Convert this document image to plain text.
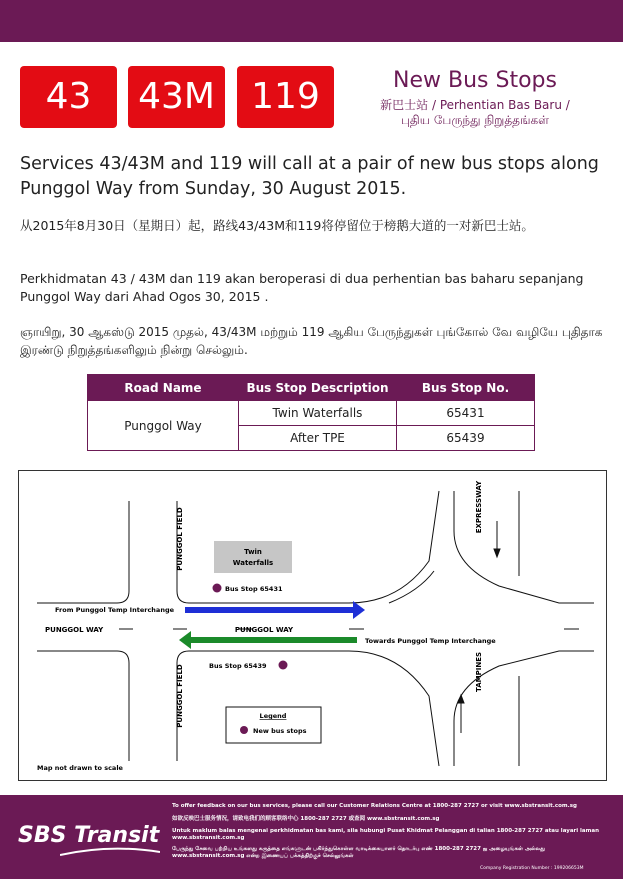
43	43M	119	New Bus Stops
新巴士站 / Perhentian Bas Baru /
புதிய பேருந்து நிறுத்தங்கள்
Services 43/43M and 119 will call at a pair of new bus stops along Punggol Way from Sunday, 30 August 2015.
从2015年8月30日（星期日）起，路线43/43M和119将停留位于榜鹅大道的一对新巴士站。
Perkhidmatan 43 / 43M dan 119 akan beroperasi di dua perhentian bas baharu sepanjang Punggol Way dari Ahad Ogos 30, 2015 .
ஞாயிறு, 30 ஆகஸ்டு 2015 முதல், 43/43M மற்றும் 119 ஆகிய பேருந்துகள் புங்கோல் வே வழியே புதிதாக இரண்டு நிறுத்தங்களிலும் நின்று செல்லும்.
Road Name	Bus Stop Description	Bus Stop No.
Punggol Way	Twin Waterfalls	65431
	After TPE	65439
Twin
Waterfalls
Bus Stop 65431
Bus Stop 65439
PUNGGOL FIELD
PUNGGOL FIELD
EXPRESSWAY
TAMPINES
PUNGGOL WAY	PUNGGOL WAY
From Punggol Temp Interchange
Towards Punggol Temp Interchange
Legend
New bus stops
Map not drawn to scale
SBS Transit
To offer feedback on our bus services, please call our Customer Relations Centre at 1800-287 2727 or visit www.sbstransit.com.sg
如欲反映巴士服务情况，请致电我们的顾客联络中心 1800-287 2727 或查阅 www.sbstransit.com.sg
Untuk maklum balas mengenai perkhidmatan bas kami, sila hubungi Pusat Khidmat Pelanggan di talian 1800-287 2727 atau layari laman www.sbstransit.com.sg
பேருந்து சேவை பற்றிய உங்களது கருத்தை எங்களுடன் பகிர்ந்துகொள்ள வாடிக்கையாளர் தொடர்பு எண் 1800-287 2727 ஐ அழையுங்கள் அல்லது www.sbstransit.com.sg என்ற இணையப் பக்கத்திற்குச் செல்லுங்கள்
Company Registration Number : 199206653M
